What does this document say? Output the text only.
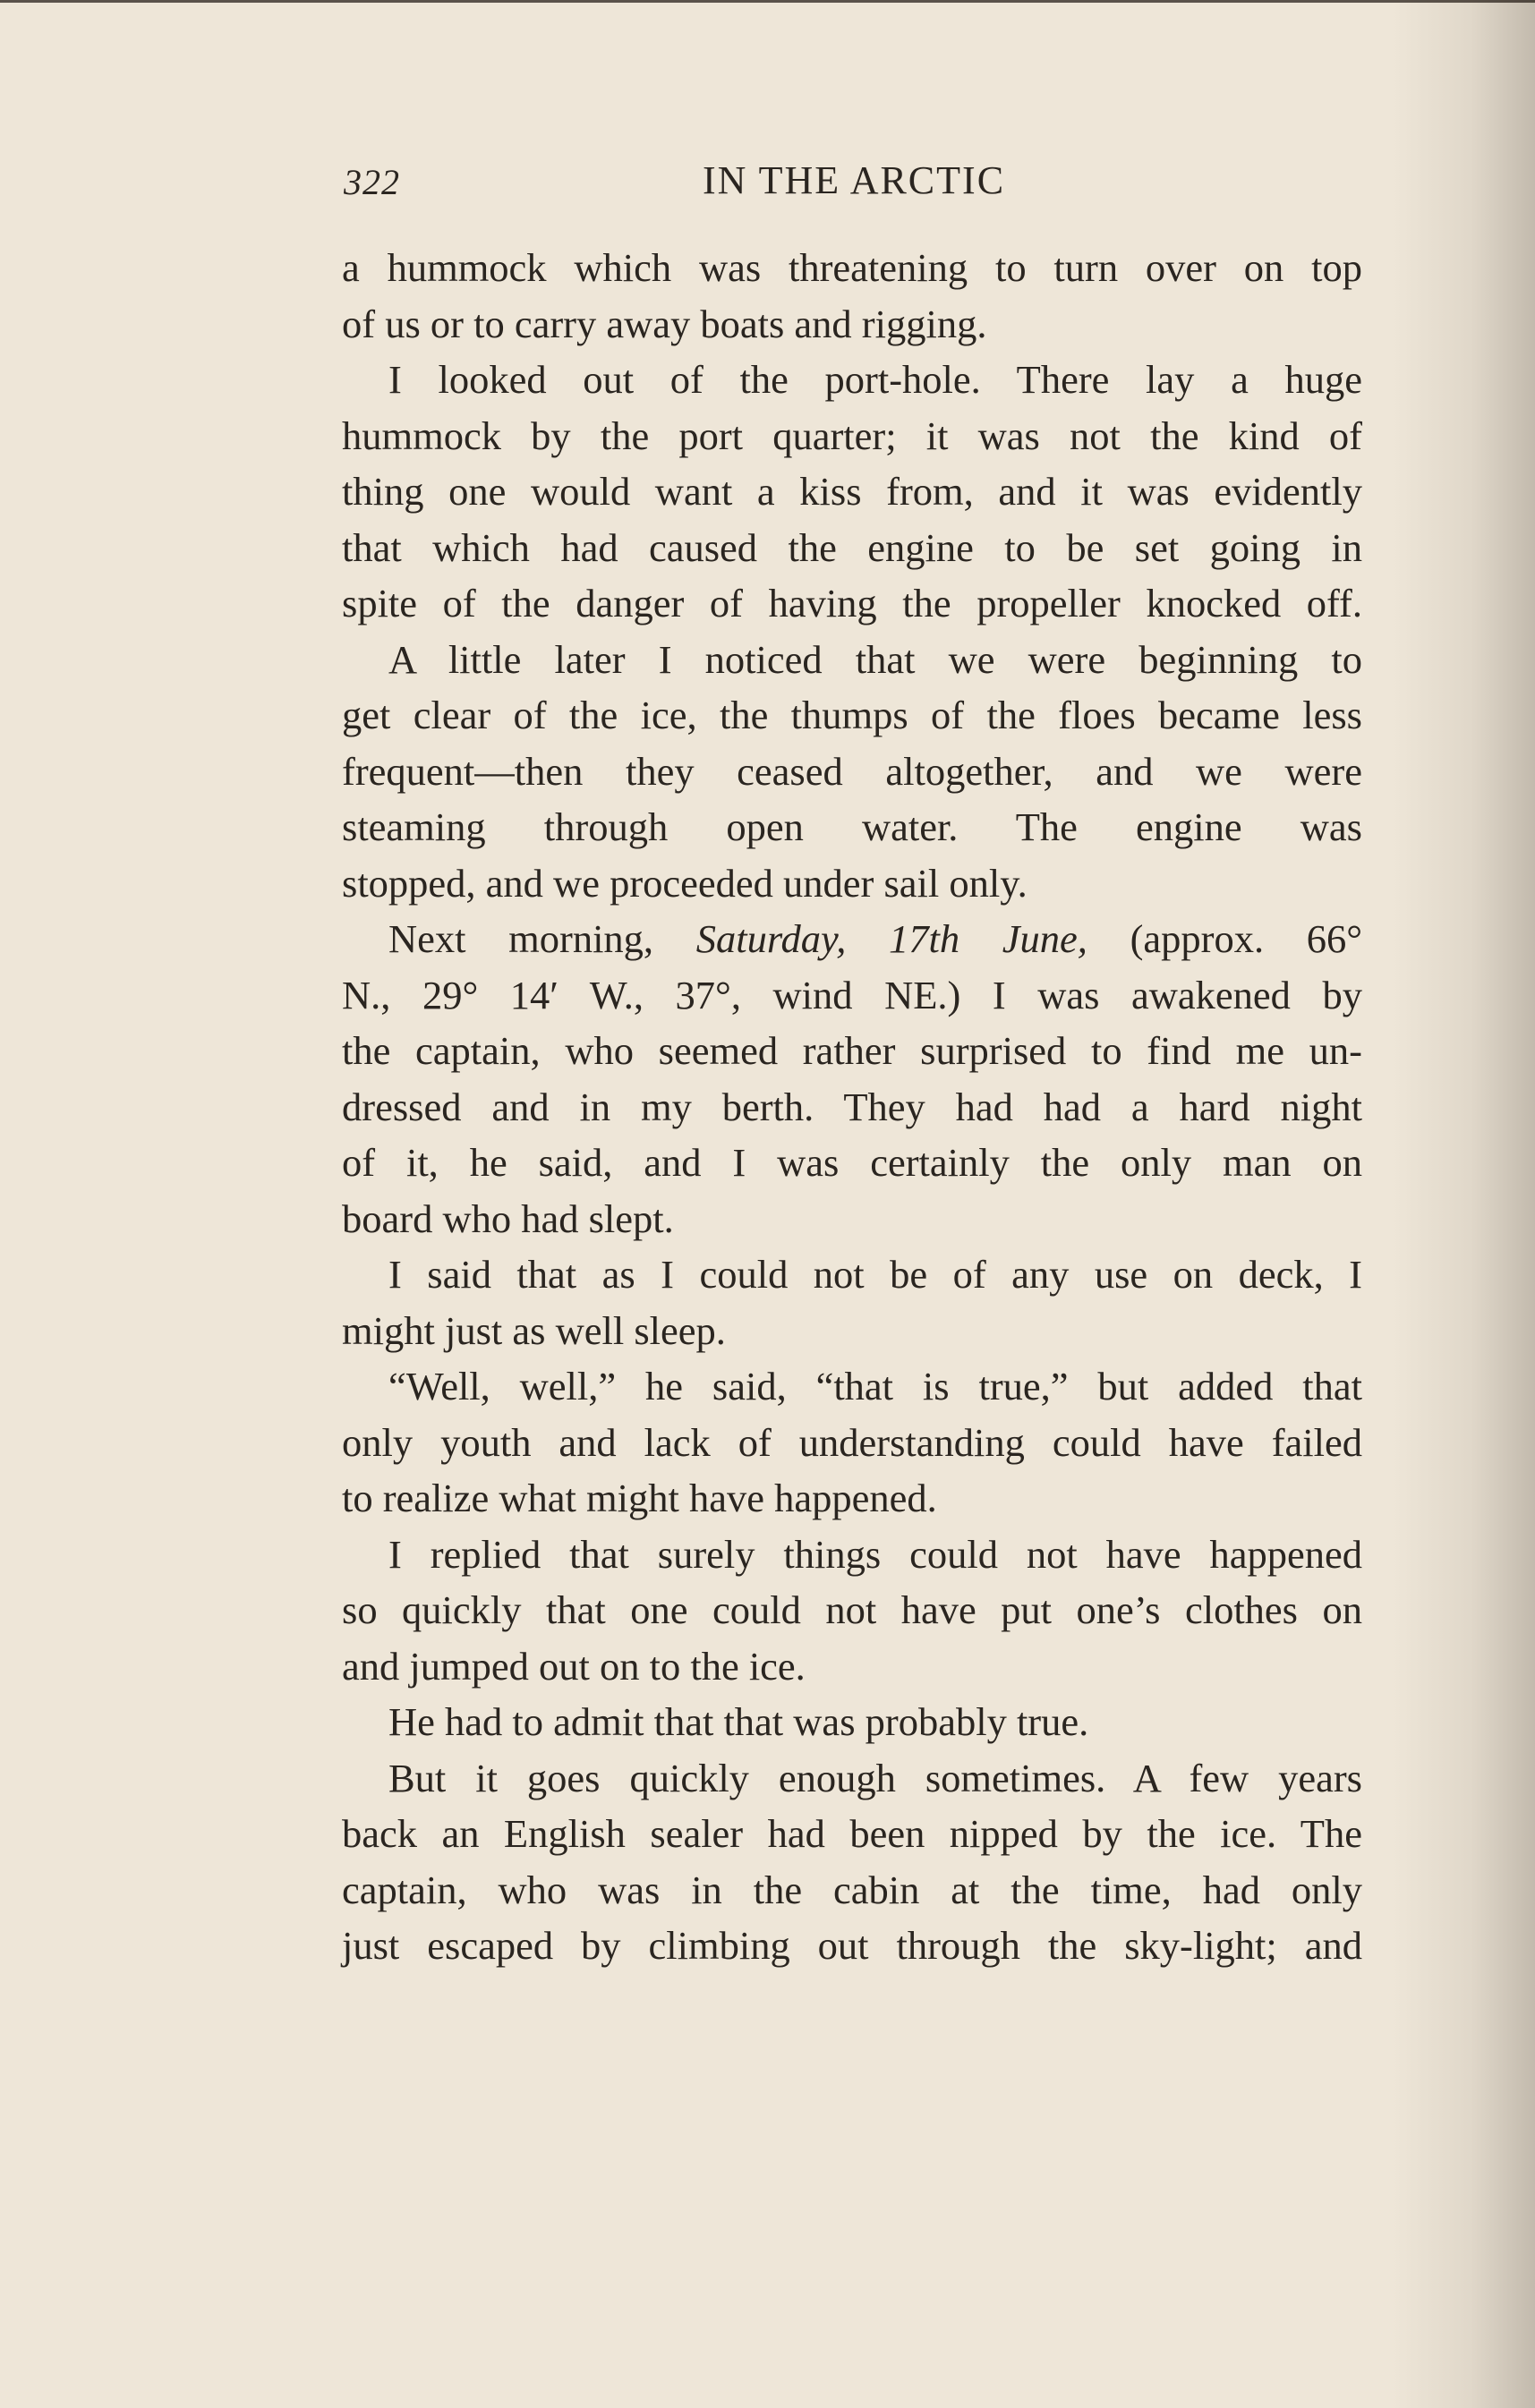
322	IN THE ARCTIC
a hummock which was threatening to turn over on top
of us or to carry away boats and rigging.
I looked out of the port-hole. There lay a huge
hummock by the port quarter; it was not the kind of
thing one would want a kiss from, and it was evidently
that which had caused the engine to be set going in
spite of the danger of having the propeller knocked off.
A little later I noticed that we were beginning to
get clear of the ice, the thumps of the floes became less
frequent—then they ceased altogether, and we were
steaming through open water. The engine was
stopped, and we proceeded under sail only.
Next morning, Saturday, 17th June, (approx. 66°
N., 29° 14′ W., 37°, wind NE.) I was awakened by
the captain, who seemed rather surprised to find me un-
dressed and in my berth. They had had a hard night
of it, he said, and I was certainly the only man on
board who had slept.
I said that as I could not be of any use on deck, I
might just as well sleep.
“Well, well,” he said, “that is true,” but added that
only youth and lack of understanding could have failed
to realize what might have happened.
I replied that surely things could not have happened
so quickly that one could not have put one’s clothes on
and jumped out on to the ice.
He had to admit that that was probably true.
But it goes quickly enough sometimes. A few years
back an English sealer had been nipped by the ice. The
captain, who was in the cabin at the time, had only
just escaped by climbing out through the sky-light; and
